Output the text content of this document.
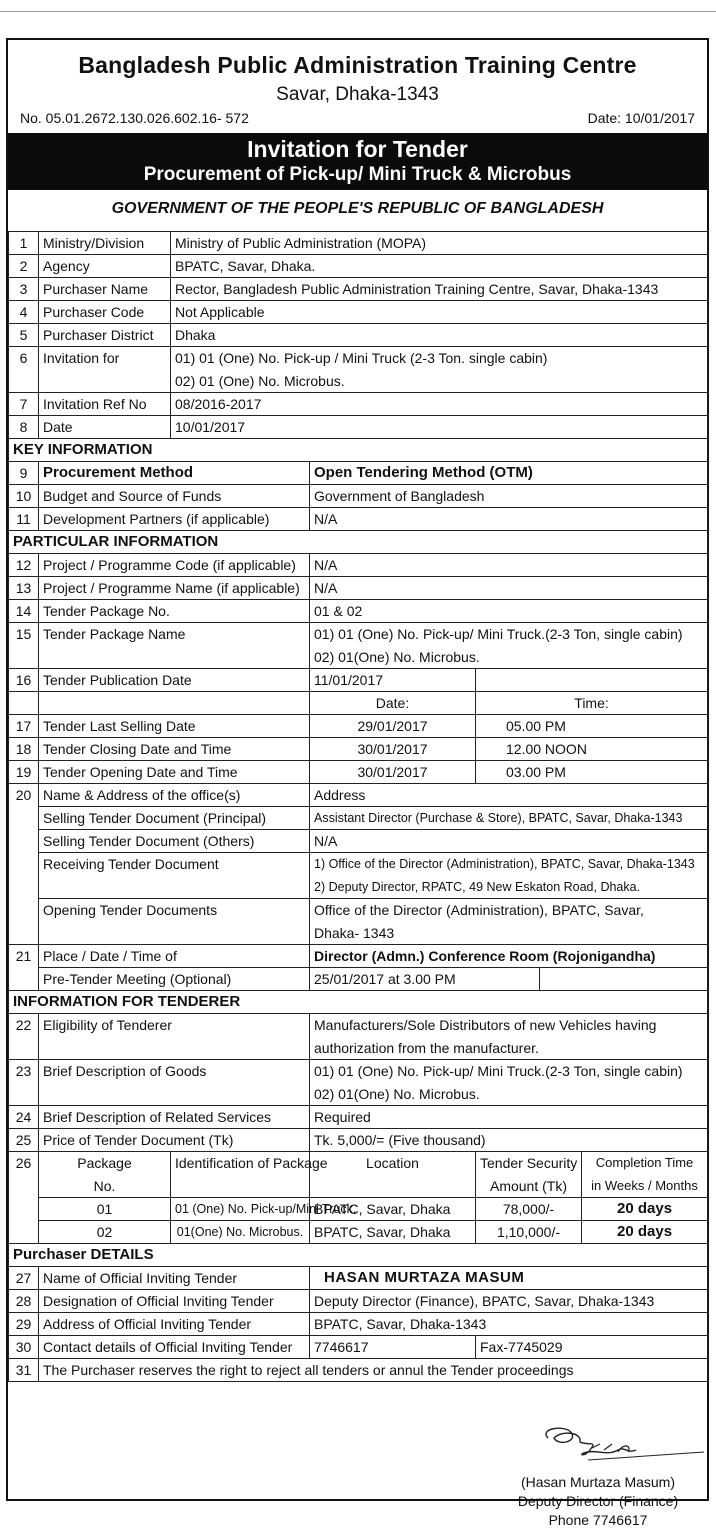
Bangladesh Public Administration Training Centre
Savar, Dhaka-1343
No. 05.01.2672.130.026.602.16- 572	Date: 10/01/2017
Invitation for Tender
Procurement of Pick-up/ Mini Truck & Microbus
GOVERNMENT OF THE PEOPLE'S REPUBLIC OF BANGLADESH
1	Ministry/Division	Ministry of Public Administration (MOPA)				
2	Agency	BPATC, Savar, Dhaka.				
3	Purchaser Name	Rector, Bangladesh Public Administration Training Centre, Savar, Dhaka-1343				
4	Purchaser Code	Not Applicable				
5	Purchaser District	Dhaka				
6	Invitation for	01) 01 (One) No. Pick-up / Mini Truck (2-3 Ton. single cabin)				
		02) 01 (One) No. Microbus.				
7	Invitation Ref No	08/2016-2017				
8	Date	10/01/2017				
KEY INFORMATION						
9	Procurement Method		Open Tendering Method (OTM)			
10	Budget and Source of Funds		Government of Bangladesh			
11	Development Partners (if applicable)		N/A			
PARTICULAR INFORMATION						
12	Project / Programme Code (if applicable)		N/A			
13	Project / Programme Name (if applicable)		N/A			
14	Tender Package No.		01 & 02			
15	Tender Package Name		01) 01 (One) No. Pick-up/ Mini Truck.(2-3 Ton, single cabin)			
			02) 01(One) No. Microbus.			
16	Tender Publication Date		11/01/2017			
			Date:	Time:		
17	Tender Last Selling Date		29/01/2017	05.00 PM		
18	Tender Closing Date and Time		30/01/2017	12.00 NOON		
19	Tender Opening Date and Time		30/01/2017	03.00 PM		
20	Name & Address of the office(s)		Address			
	Selling Tender Document (Principal)		Assistant Director (Purchase & Store), BPATC, Savar, Dhaka-1343			
	Selling Tender Document (Others)		N/A			
	Receiving Tender Document		1) Office of the Director (Administration), BPATC, Savar, Dhaka-1343			
			2) Deputy Director, RPATC, 49 New Eskaton Road, Dhaka.			
	Opening Tender Documents		Office of the Director (Administration), BPATC, Savar,			
			Dhaka- 1343			
21	Place / Date / Time of		Director (Admn.) Conference Room (Rojonigandha)			
	Pre-Tender Meeting (Optional)		25/01/2017 at 3.00 PM			
INFORMATION FOR TENDERER						
22	Eligibility of Tenderer		Manufacturers/Sole Distributors of new Vehicles having			
			authorization from the manufacturer.			
23	Brief Description of Goods		01) 01 (One) No. Pick-up/ Mini Truck.(2-3 Ton, single cabin)			
			02) 01(One) No. Microbus.			
24	Brief Description of Related Services		Required			
25	Price of Tender Document (Tk)		Tk. 5,000/= (Five thousand)			
26	Package	Identification of Package	Location	Tender Security		Completion Time
	No.			Amount (Tk)		in Weeks / Months
	01	01 (One) No. Pick-up/Mini Truck.	BPATC, Savar, Dhaka	78,000/-		20 days
	02	01(One) No. Microbus.	BPATC, Savar, Dhaka	1,10,000/-		20 days
Purchaser DETAILS						
27	Name of Official Inviting Tender		HASAN MURTAZA MASUM			
28	Designation of Official Inviting Tender		Deputy Director (Finance), BPATC, Savar, Dhaka-1343			
29	Address of Official Inviting Tender		BPATC, Savar, Dhaka-1343			
30	Contact details of Official Inviting Tender		7746617	Fax-7745029		
31	The Purchaser reserves the right to reject all tenders or annul the Tender proceedings					
(Hasan Murtaza Masum)
Deputy Director (Finance)
Phone 7746617
